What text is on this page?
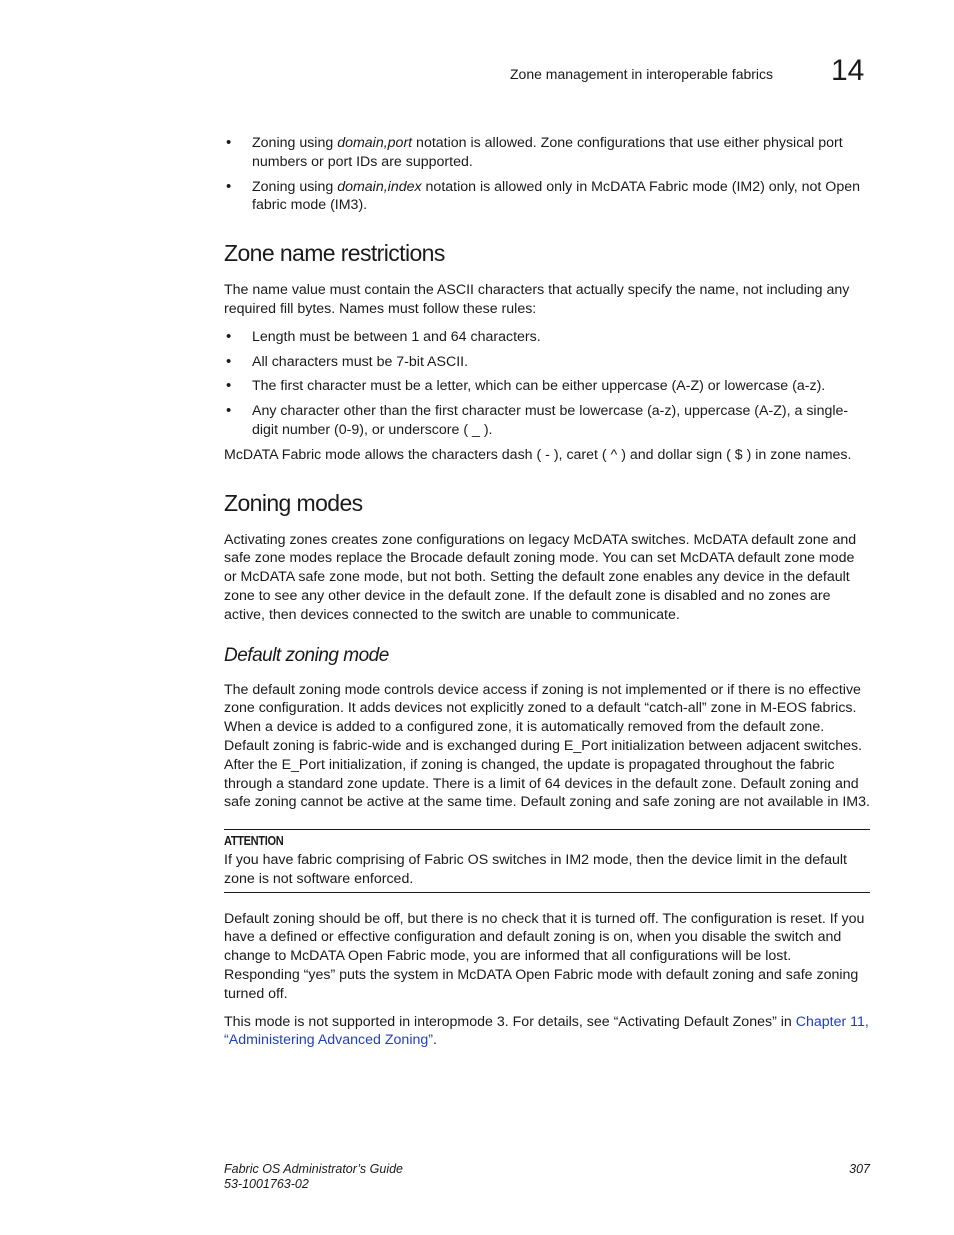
Zone management in interoperable fabrics 14
• Zoning using domain,port notation is allowed. Zone configurations that use either physical port numbers or port IDs are supported.
• Zoning using domain,index notation is allowed only in McDATA Fabric mode (IM2) only, not Open fabric mode (IM3).
Zone name restrictions

The name value must contain the ASCII characters that actually specify the name, not including any required fill bytes. Names must follow these rules:

• Length must be between 1 and 64 characters.
• All characters must be 7-bit ASCII.
• The first character must be a letter, which can be either uppercase (A-Z) or lowercase (a-z).
• Any character other than the first character must be lowercase (a-z), uppercase (A-Z), a single-digit number (0-9), or underscore ( _ ).

McDATA Fabric mode allows the characters dash ( - ), caret ( ^ ) and dollar sign ( $ ) in zone names.

Zoning modes

Activating zones creates zone configurations on legacy McDATA switches. McDATA default zone and safe zone modes replace the Brocade default zoning mode. You can set McDATA default zone mode or McDATA safe zone mode, but not both. Setting the default zone enables any device in the default zone to see any other device in the default zone. If the default zone is disabled and no zones are active, then devices connected to the switch are unable to communicate.

Default zoning mode

The default zoning mode controls device access if zoning is not implemented or if there is no effective zone configuration. It adds devices not explicitly zoned to a default “catch-all” zone in M-EOS fabrics. When a device is added to a configured zone, it is automatically removed from the default zone. Default zoning is fabric-wide and is exchanged during E_Port initialization between adjacent switches. After the E_Port initialization, if zoning is changed, the update is propagated throughout the fabric through a standard zone update. There is a limit of 64 devices in the default zone. Default zoning and safe zoning cannot be active at the same time. Default zoning and safe zoning are not available in IM3.

ATTENTION

If you have fabric comprising of Fabric OS switches in IM2 mode, then the device limit in the default zone is not software enforced.

Default zoning should be off, but there is no check that it is turned off. The configuration is reset. If you have a defined or effective configuration and default zoning is on, when you disable the switch and change to McDATA Open Fabric mode, you are informed that all configurations will be lost. Responding “yes” puts the system in McDATA Open Fabric mode with default zoning and safe zoning turned off.

This mode is not supported in interopmode 3. For details, see “Activating Default Zones” in Chapter 11, “Administering Advanced Zoning”.

Fabric OS Administrator’s Guide
53-1001763-02
307
